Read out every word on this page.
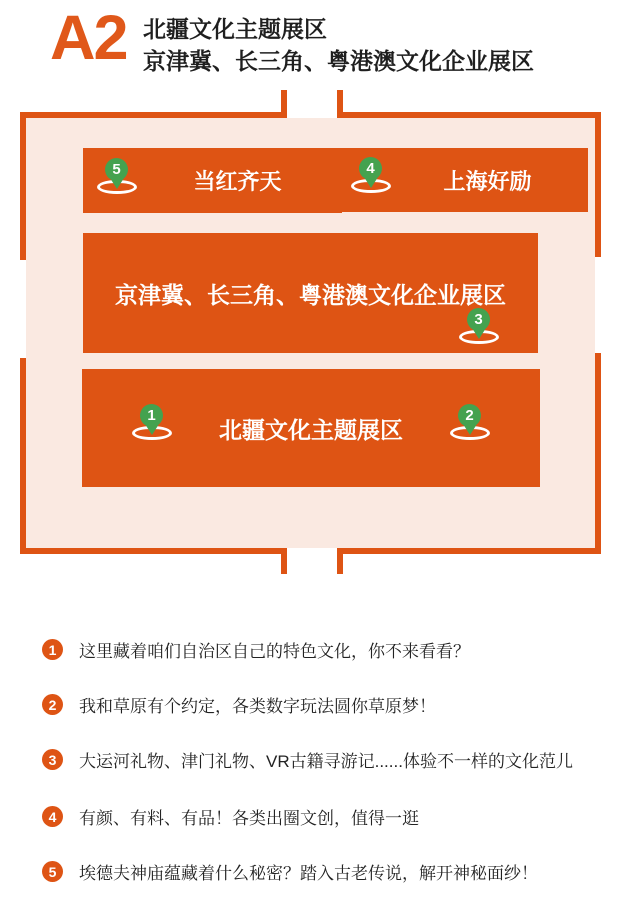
A2 北疆文化主题展区
京津冀、长三角、粤港澳文化企业展区
当红齐天	上海好励
京津冀、长三角、粤港澳文化企业展区
北疆文化主题展区
5	4
3
1	2
1	这里藏着咱们自治区自己的特色文化，你不来看看？
2	我和草原有个约定，各类数字玩法圆你草原梦！
3	大运河礼物、津门礼物、VR古籍寻游记......体验不一样的文化范儿
4	有颜、有料、有品！各类出圈文创，值得一逛
5	埃德夫神庙蕴藏着什么秘密？踏入古老传说，解开神秘面纱！
